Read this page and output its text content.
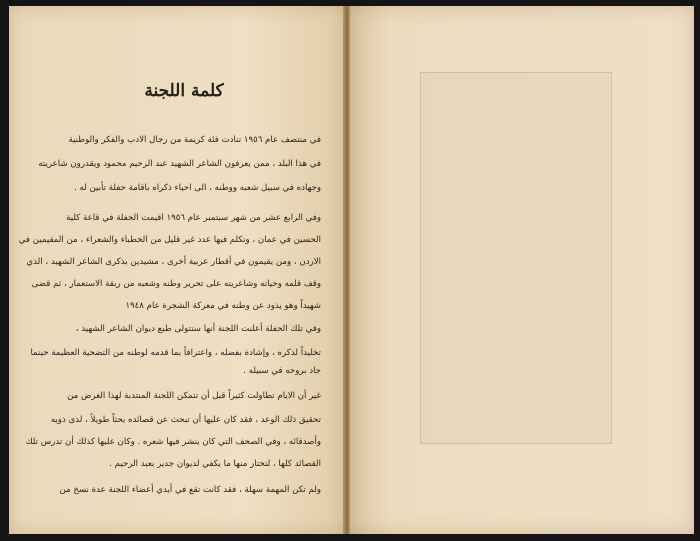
كلمة اللجنة
في منتصف عام ١٩٥٦ تنادت فئة كريمة من رجال الادب والفكر والوطنية
في هذا البلد ، ممن يعرفون الشاعر الشهيد عبد الرحيم محمود ويقدرون شاعريته
وجهاده في سبيل شعبه ووطنه ، الى احياء ذكراه باقامة حفلة تأبين له .
وفي الرابع عشر من شهر سبتمبر عام ١٩٥٦ اقيمت الحفلة في قاعة كلية
الحسين في عمان ، وتكلم فيها عدد غير قليل من الخطباء والشعراء ، من المقيمين في
الاردن ، ومن يقيمون في أقطار عربية أخرى ، مشيدين بذكرى الشاعر الشهيد ، الذي
وقف قلمه وحياته وشاعريته على تحرير وطنه وشعبه من ربقة الاستعمار ، ثم قضى
شهيداً وهو يذود عن وطنه في معركة الشجرة عام ١٩٤٨
وفي تلك الحفلة أعلنت اللجنة أنها ستتولى طبع ديوان الشاعر الشهيد ،
تخليداً لذكره ، وإشادة بفضله ، واعترافاً بما قدمه لوطنه من التضحية العظيمة حينما
جاد بروحه في سبيله .
غير أن الايام تطاولت كثيراً قبل أن تتمكن اللجنة المنتدبة لهذا الغرض من
تحقيق ذلك الوعد ، فقد كان عليها أن تبحث عن قصائده بحثاً طويلاً ، لدى ذويه
وأصدقائه ، وفي الصحف التي كان ينشر فيها شعره . وكان عليها كذلك أن تدرس تلك
القصائد كلها ، لتختار منها ما يكفي لديوان جدير بعبد الرحيم .
ولم تكن المهمة سهلة ، فقد كانت تقع في أيدي أعضاء اللجنة عدة نسخ من
